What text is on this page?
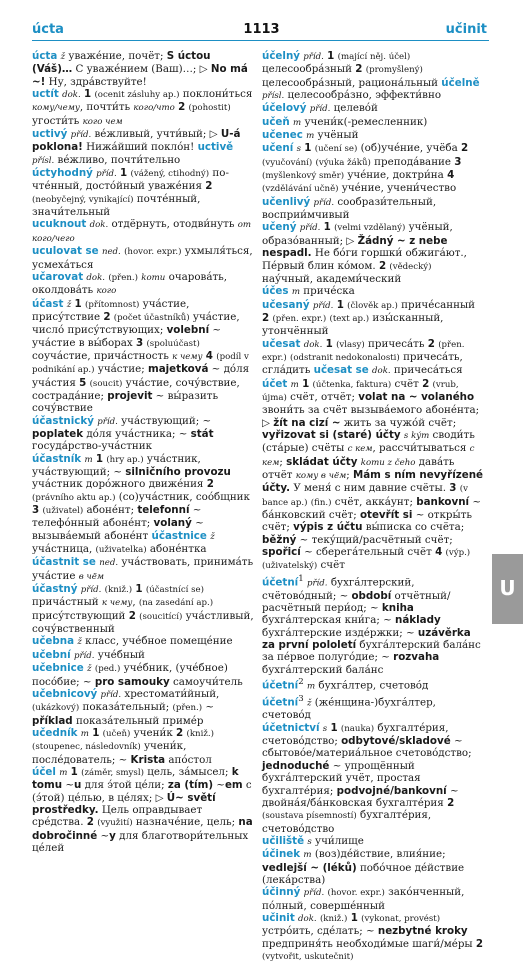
úcta	1113	učinit
úcta ž уваже́ние, почёт; S úctou (Váš)… С уваже́нием (Ваш)…; ▷ No má ~! Ну, здра́вствуйте!
uctít dok. 1 (ocenit zásluhy ap.) поклони́ться кому/чему, почти́ть кого/что 2 (pohostit) угости́ть кого чем
uctivý příd. вéжливый, учти́вый; ▷ U-á poklona! Нижа́йший покло́н! uctivě přísl. вéжливо, почти́тельно
úctyhodný příd. 1 (vážený, ctihodný) по-чте́нный, досто́йный уваже́ния 2 (neobyčejný, vynikající) почте́нный, значи́тельный
ucuknout dok. отдёрнуть, отодви́нуть от кого/чего
uculovat se ned. (hovor. expr.) ухмыля́ться, усмеха́ться
učarovat dok. (přen.) komu очарова́ть, околдова́ть кого
účast ž 1 (přítomnost) уча́стие, прису́тствие 2 (počet účastníků) уча́стие, число́ прису́тствующих; volební ~ уча́стие в вы́борах 3 (spoluúčast) соуча́стие, прича́стность к чему 4 (podíl v podnikání ap.) уча́стие; majetková ~ до́ля уча́стия 5 (soucit) уча́стие, сочу́вствие, сострада́ние; projevit ~ вы́разить сочу́вствие
účastnický příd. уча́ствующий; ~ poplatek до́ля уча́стника; ~ stát госуда́рство-уча́стник
účastník m 1 (hry ap.) уча́стник, уча́ствующий; ~ silničního provozu уча́стник доро́жного движе́ния 2 (právního aktu ap.) (со)уча́стник, соо́бщник 3 (uživatel) абоне́нт; telefonní ~ телефо́нный абоне́нт; volaný ~ вызыва́емый абоне́нт účastnice ž уча́стница, (uživatelka) абоне́нтка
účastnit se ned. уча́ствовать, принима́ть уча́стие в чём
účastný příd. (kniž.) 1 (účastnící se) прича́стный к чему, (na zasedání ap.) прису́тствующий 2 (soucitící) уча́стливый, сочу́вственный
učebna ž класс, уче́бное помеще́ние
učební příd. уче́бный
učebnice ž (ped.) уче́бник, (уче́бное) посо́бие; ~ pro samouky самоучи́тель
učebnicový příd. хрестомати́йный, (ukázkový) показа́тельный; (přen.) ~ příklad показа́тельный приме́р
učedník m 1 (učeň) учени́к 2 (kniž.) (stoupenec, následovník) учени́к, после́дователь; ~ Krista апо́стол
účel m 1 (záměr, smysl) цель, за́мысел; k tomu ~u для э́той це́ли; za (tím) ~em с (э́той) це́лью, в це́лях; ▷ Ú~ světí prostředky. Цель оправдывает сре́дства. 2 (využití) назначе́ние, цель; na dobročinné ~y для благотвори́тельных це́лей
účelný příd. 1 (mající něj. účel) целесообра́зный 2 (promyšlený) целесообра́зный, рациона́льный účelně přísl. целесообра́зно, эффекти́вно
účelový příd. целево́й
učeň m учени́к(-ремесленник)
učenec m учёный
učení s 1 (učení se) (об)уче́ние, учёба 2 (vyučování) (výuka žáků) препода́вание 3 (myšlenkový směr) уче́ние, доктри́на 4 (vzdělávání učně) уче́ние, учени́чество
učenlivý příd. сообрази́тельный, восприи́мчивый
učený příd. 1 (velmi vzdělaný) учёный, образо́ванный; ▷ Žádný ~ z nebe nespadl. Не бо́ги горшки́ обжига́ют., Пе́рвый блин ко́мом. 2 (vědecký) нау́чный, академи́ческий
účes m приче́ска
učesaný příd. 1 (člověk ap.) приче́санный 2 (přen. expr.) (text ap.) изы́сканный, утончённый
učesat dok. 1 (vlasy) причеса́ть 2 (přen. expr.) (odstranit nedokonalosti) причеса́ть, сгла́дить učesat se dok. причеса́ться
účet m 1 (účtenka, faktura) счёт 2 (vrub, újma) счёт, отчёт; volat na ~ volaného звони́ть за счёт вызыва́емого абоне́нта; ▷ žít na cizí ~ жить за чужо́й счёт; vyřizovat si (staré) účty s kým своди́ть (ста́рые) счёты с кем, рассчи́тываться с кем; skládat účty komu z čeho дава́ть отчёт кому в чём; Mám s ním nevyřízené účty. У меня́ с ним давние счёты. 3 (v bance ap.) (fin.) счёт, акка́унт; bankovní ~ ба́нковский счёт; otevřít si ~ откры́ть счёт; výpis z účtu вы́писка со счёта; běžný ~ теку́щий/расчётный счёт; spořicí ~ сберега́тельный счёт 4 (výp.) (uživatelský) счёт
účetní$^1$ příd. бухга́лтерский, счётово́дный; ~ období отчётный/расчётный пери́од; ~ kniha бухга́лтерская кни́га; ~ náklady бухга́лтерские изде́ржки; ~ uzávěrka za první pololetí бухга́лтерский бала́нс за пе́рвое полуго́дие; ~ rozvaha бухга́лтерский бала́нс
účetní$^2$ m бухга́лтер, счетово́д
účetní$^3$ ž (же́нщина-)бухга́лтер, счетово́д
účetnictví s 1 (nauka) бухгалте́рия, счетово́дство; odbytové/skladové ~ сбытово́е/материа́льное счетово́дство; jednoduché ~ упрощённый бухга́лтерский учёт, простая бухгалте́рия; podvojné/bankovní ~ двойна́я/ба́нковская бухгалте́рия 2 (soustava písemností) бухгалте́рия, счетово́дство
učiliště s учи́лище
účinek m (воз)де́йствие, влия́ние; vedlejší ~ (léků) побо́чное де́йствие (лека́рства)
účinný příd. (hovor. expr.) зако́нченный, по́лный, соверше́нный
učinit dok. (kniž.) 1 (vykonat, provést) устро́ить, сде́лать; ~ nezbytné kroky предприня́ть необходи́мые шаги́/ме́ры 2 (vytvořit, uskutečnit)
U
